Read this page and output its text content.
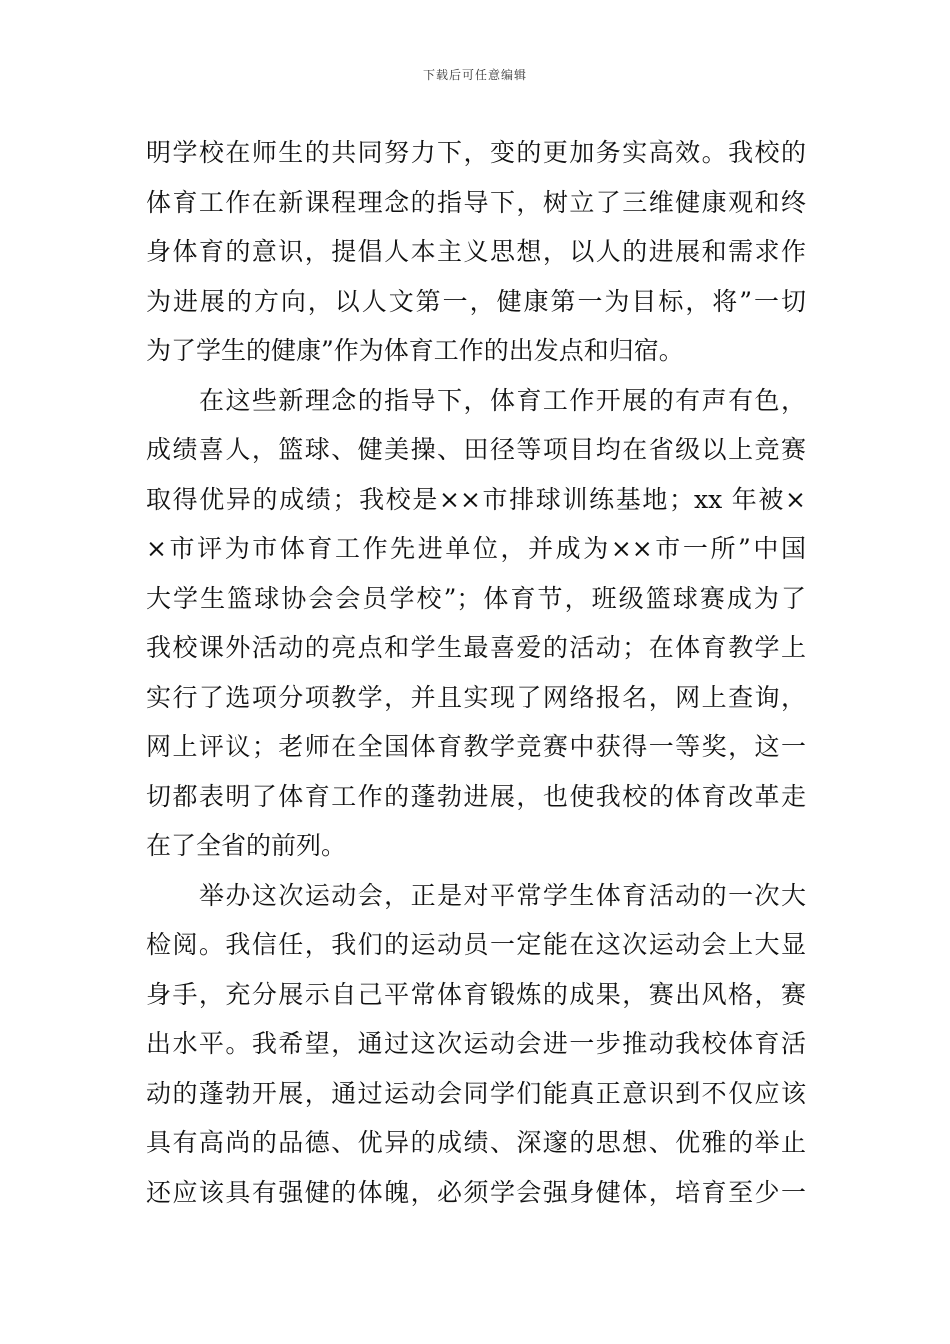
下载后可任意编辑
明学校在师生的共同努力下，变的更加务实高效。我校的
体育工作在新课程理念的指导下，树立了三维健康观和终
身体育的意识，提倡人本主义思想，以人的进展和需求作
为进展的方向，以人文第一，健康第一为目标，将”一切
为了学生的健康”作为体育工作的出发点和归宿。
在这些新理念的指导下，体育工作开展的有声有色，
成绩喜人，篮球、健美操、田径等项目均在省级以上竞赛
取得优异的成绩；我校是××市排球训练基地；xx 年被×
×市评为市体育工作先进单位，并成为××市一所”中国
大学生篮球协会会员学校”；体育节，班级篮球赛成为了
我校课外活动的亮点和学生最喜爱的活动；在体育教学上
实行了选项分项教学，并且实现了网络报名，网上查询，
网上评议；老师在全国体育教学竞赛中获得一等奖，这一
切都表明了体育工作的蓬勃进展，也使我校的体育改革走
在了全省的前列。
举办这次运动会，正是对平常学生体育活动的一次大
检阅。我信任，我们的运动员一定能在这次运动会上大显
身手，充分展示自己平常体育锻炼的成果，赛出风格，赛
出水平。我希望，通过这次运动会进一步推动我校体育活
动的蓬勃开展，通过运动会同学们能真正意识到不仅应该
具有高尚的品德、优异的成绩、深邃的思想、优雅的举止
还应该具有强健的体魄，必须学会强身健体，培育至少一
